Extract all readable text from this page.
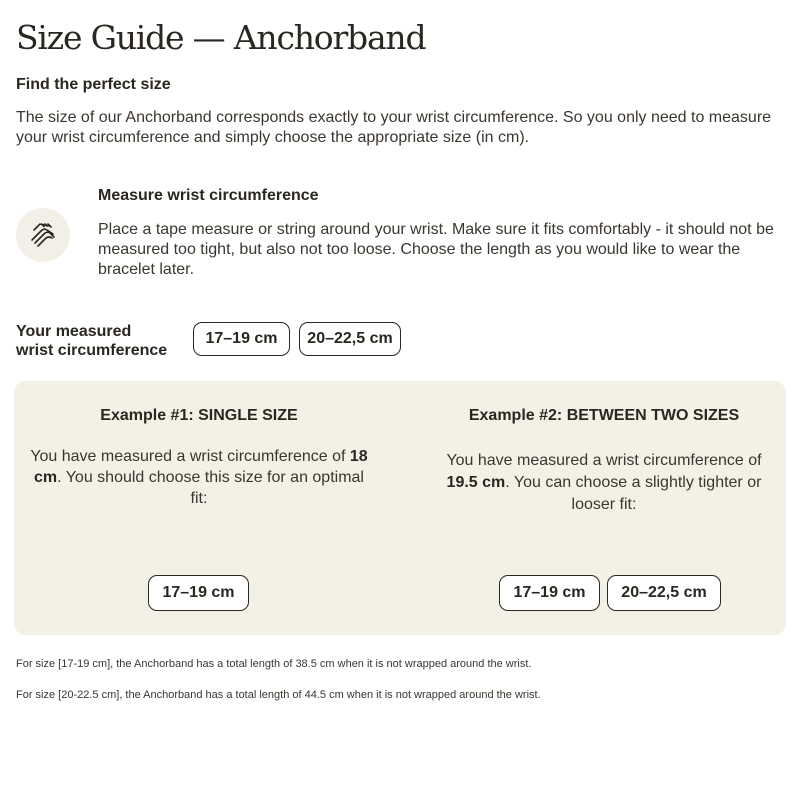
Size Guide — Anchorband
Find the perfect size

The size of our Anchorband corresponds exactly to your wrist circumference. So you only need to measure your wrist circumference and simply choose the appropriate size (in cm).

Measure wrist circumference

Place a tape measure or string around your wrist. Make sure it fits comfortably - it should not be measured too tight, but also not too loose. Choose the length as you would like to wear the bracelet later.

Your measured
wrist circumference
17–19 cm	20–22,5 cm
Example #1: SINGLE SIZE

You have measured a wrist circumference of 18 cm. You should choose this size for an optimal fit:

Example #2: BETWEEN TWO SIZES

You have measured a wrist circumference of 19.5 cm. You can choose a slightly tighter or looser fit:

17–19 cm	17–19 cm	20–22,5 cm

For size [17-19 cm], the Anchorband has a total length of 38.5 cm when it is not wrapped around the wrist.

For size [20-22.5 cm], the Anchorband has a total length of 44.5 cm when it is not wrapped around the wrist.
